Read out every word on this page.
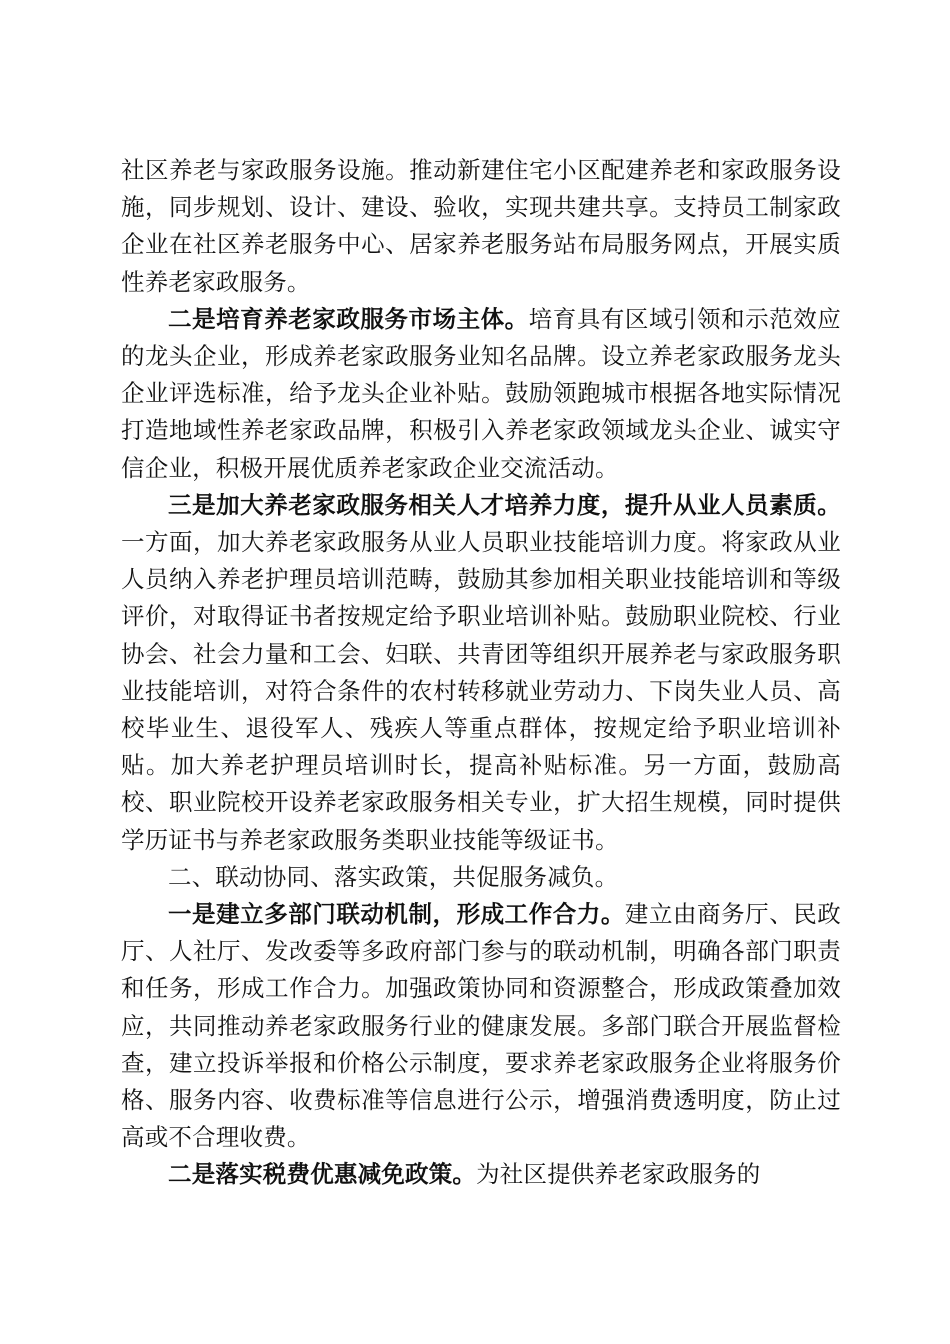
社区养老与家政服务设施。推动新建住宅小区配建养老和家政服务设施，同步规划、设计、建设、验收，实现共建共享。支持员工制家政企业在社区养老服务中心、居家养老服务站布局服务网点，开展实质性养老家政服务。

二是培育养老家政服务市场主体。培育具有区域引领和示范效应的龙头企业，形成养老家政服务业知名品牌。设立养老家政服务龙头企业评选标准，给予龙头企业补贴。鼓励领跑城市根据各地实际情况打造地域性养老家政品牌，积极引入养老家政领域龙头企业、诚实守信企业，积极开展优质养老家政企业交流活动。

三是加大养老家政服务相关人才培养力度，提升从业人员素质。一方面，加大养老家政服务从业人员职业技能培训力度。将家政从业人员纳入养老护理员培训范畴，鼓励其参加相关职业技能培训和等级评价，对取得证书者按规定给予职业培训补贴。鼓励职业院校、行业协会、社会力量和工会、妇联、共青团等组织开展养老与家政服务职业技能培训，对符合条件的农村转移就业劳动力、下岗失业人员、高校毕业生、退役军人、残疾人等重点群体，按规定给予职业培训补贴。加大养老护理员培训时长，提高补贴标准。另一方面，鼓励高校、职业院校开设养老家政服务相关专业，扩大招生规模，同时提供学历证书与养老家政服务类职业技能等级证书。

二、联动协同、落实政策，共促服务减负。

一是建立多部门联动机制，形成工作合力。建立由商务厅、民政厅、人社厅、发改委等多政府部门参与的联动机制，明确各部门职责和任务，形成工作合力。加强政策协同和资源整合，形成政策叠加效应，共同推动养老家政服务行业的健康发展。多部门联合开展监督检查，建立投诉举报和价格公示制度，要求养老家政服务企业将服务价格、服务内容、收费标准等信息进行公示，增强消费透明度，防止过高或不合理收费。

二是落实税费优惠减免政策。为社区提供养老家政服务的
